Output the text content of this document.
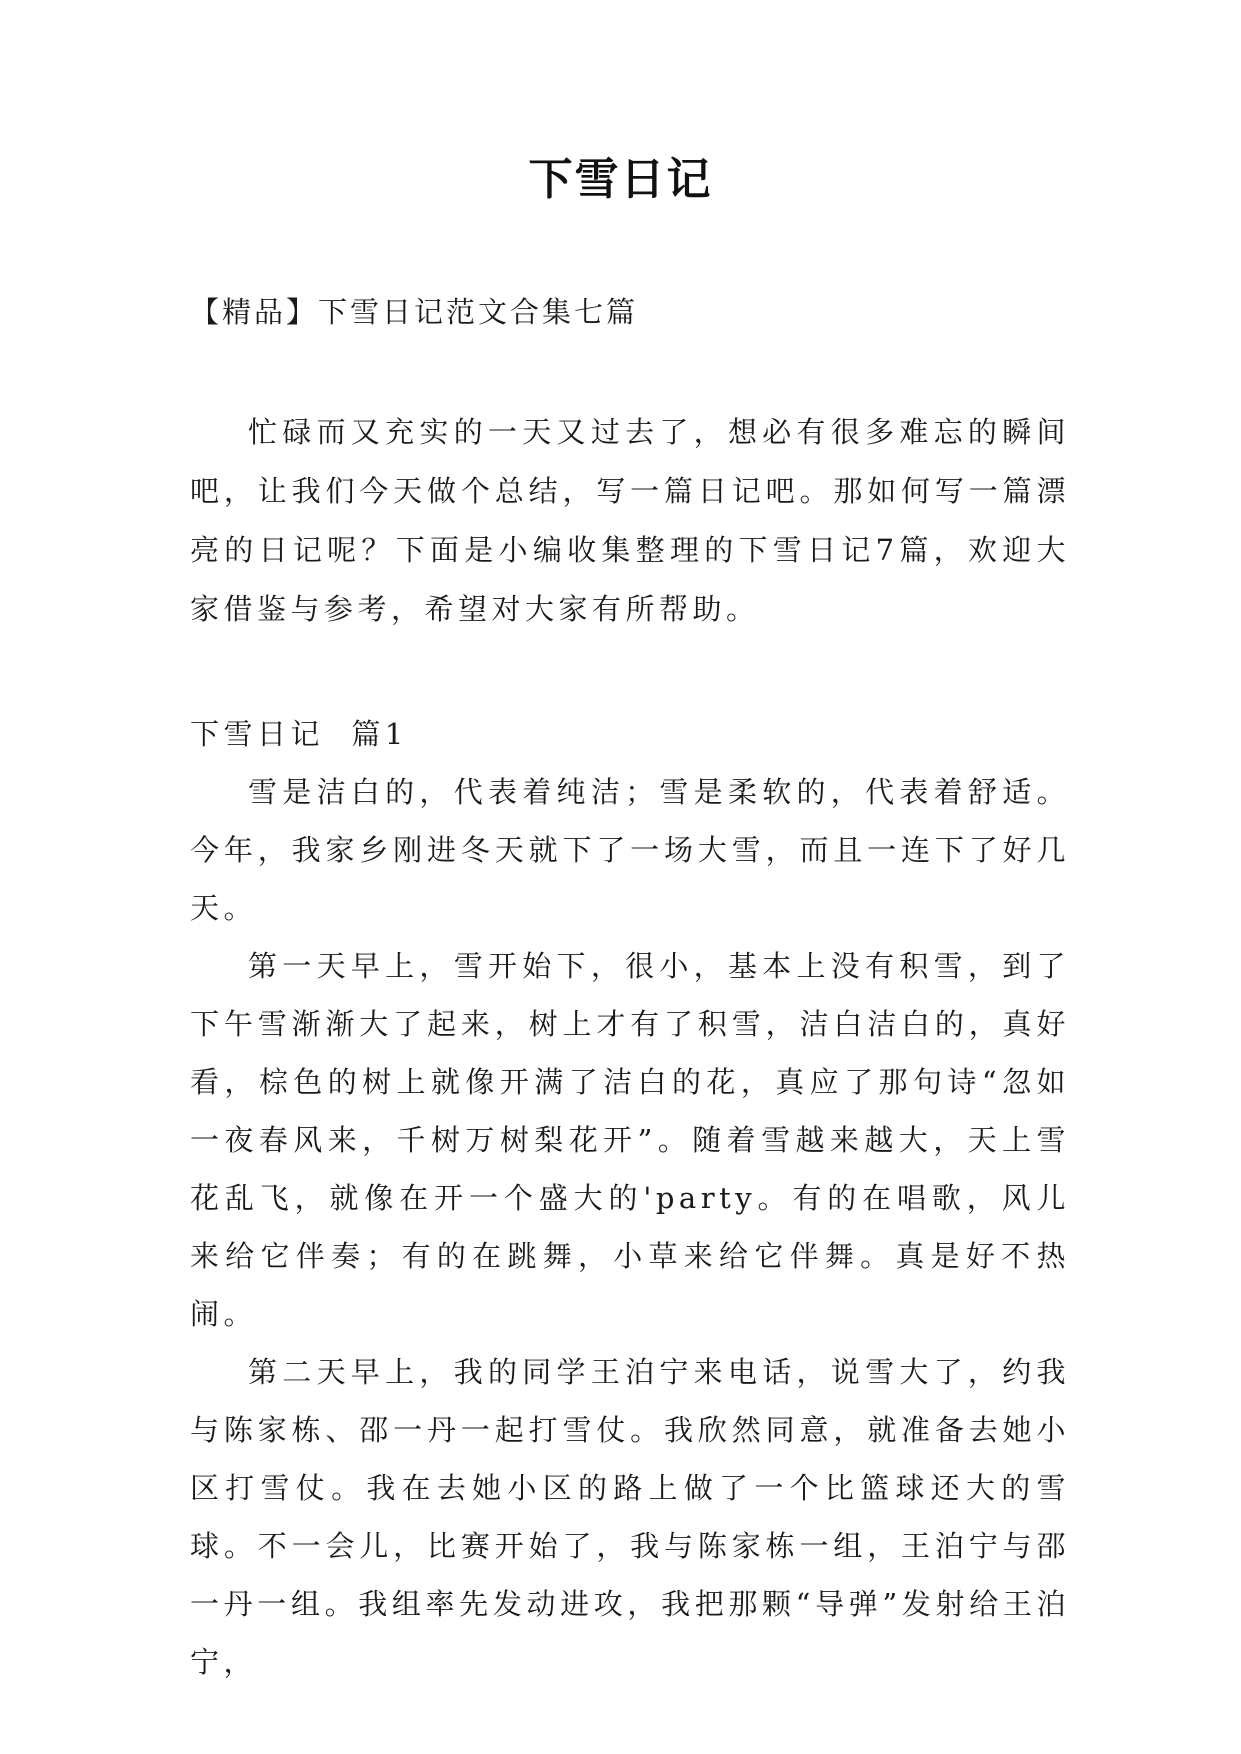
下雪日记
【精品】下雪日记范文合集七篇

忙碌而又充实的一天又过去了，想必有很多难忘的瞬间吧，让我们今天做个总结，写一篇日记吧。那如何写一篇漂亮的日记呢？下面是小编收集整理的下雪日记7篇，欢迎大家借鉴与参考，希望对大家有所帮助。

下雪日记  篇1

雪是洁白的，代表着纯洁；雪是柔软的，代表着舒适。今年，我家乡刚进冬天就下了一场大雪，而且一连下了好几天。

第一天早上，雪开始下，很小，基本上没有积雪，到了下午雪渐渐大了起来，树上才有了积雪，洁白洁白的，真好看，棕色的树上就像开满了洁白的花，真应了那句诗“忽如一夜春风来，千树万树梨花开”。随着雪越来越大，天上雪花乱飞，就像在开一个盛大的'party。有的在唱歌，风儿来给它伴奏；有的在跳舞，小草来给它伴舞。真是好不热闹。

第二天早上，我的同学王泊宁来电话，说雪大了，约我与陈家栋、邵一丹一起打雪仗。我欣然同意，就准备去她小区打雪仗。我在去她小区的路上做了一个比篮球还大的雪球。不一会儿，比赛开始了，我与陈家栋一组，王泊宁与邵一丹一组。我组率先发动进攻，我把那颗“导弹”发射给王泊宁，
